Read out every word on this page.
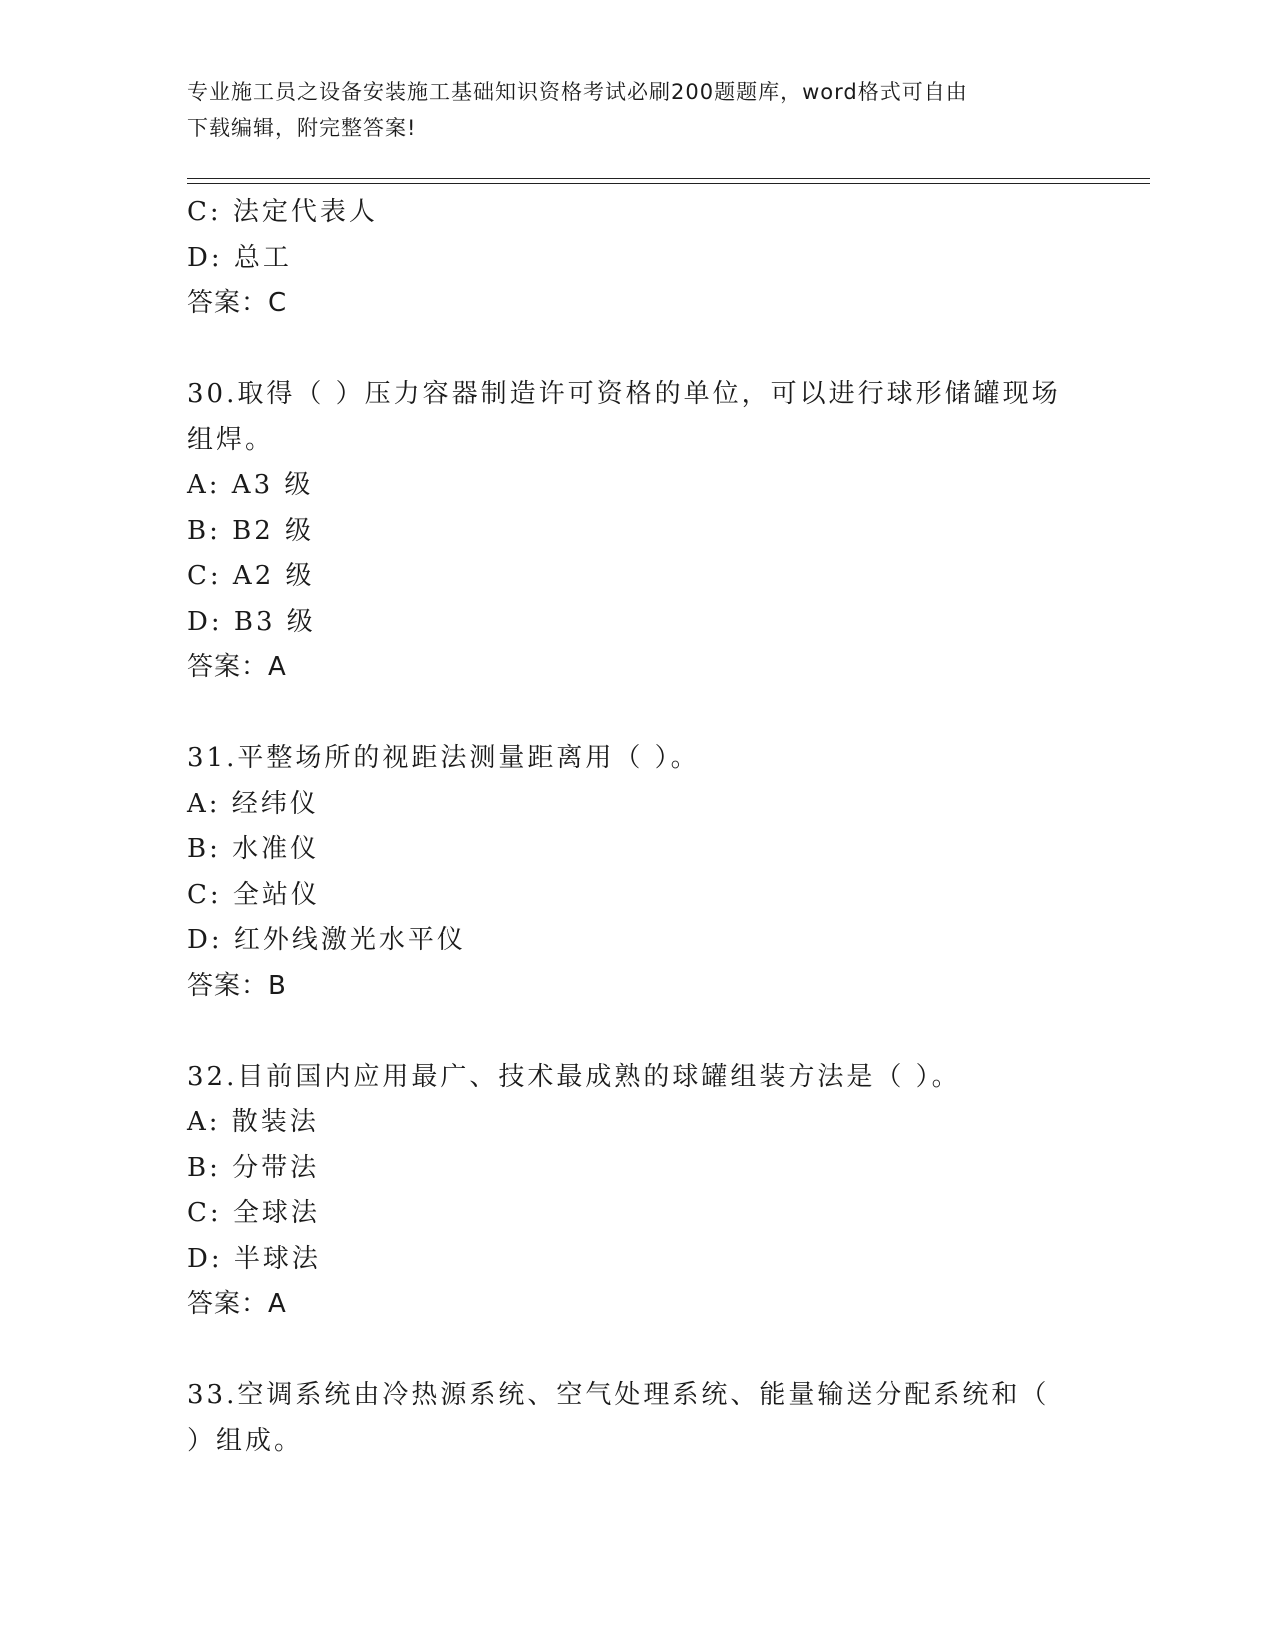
专业施工员之设备安装施工基础知识资格考试必刷200题题库，word格式可自由
下载编辑，附完整答案!
C: 法定代表人
D: 总工
答案：C
30.取得（ ）压力容器制造许可资格的单位，可以进行球形储罐现场
组焊。
A: A3 级
B: B2 级
C: A2 级
D: B3 级
答案：A
31.平整场所的视距法测量距离用（ ）。
A: 经纬仪
B: 水准仪
C: 全站仪
D: 红外线激光水平仪
答案：B
32.目前国内应用最广、技术最成熟的球罐组装方法是（ ）。
A: 散装法
B: 分带法
C: 全球法
D: 半球法
答案：A
33.空调系统由冷热源系统、空气处理系统、能量输送分配系统和（
）组成。
